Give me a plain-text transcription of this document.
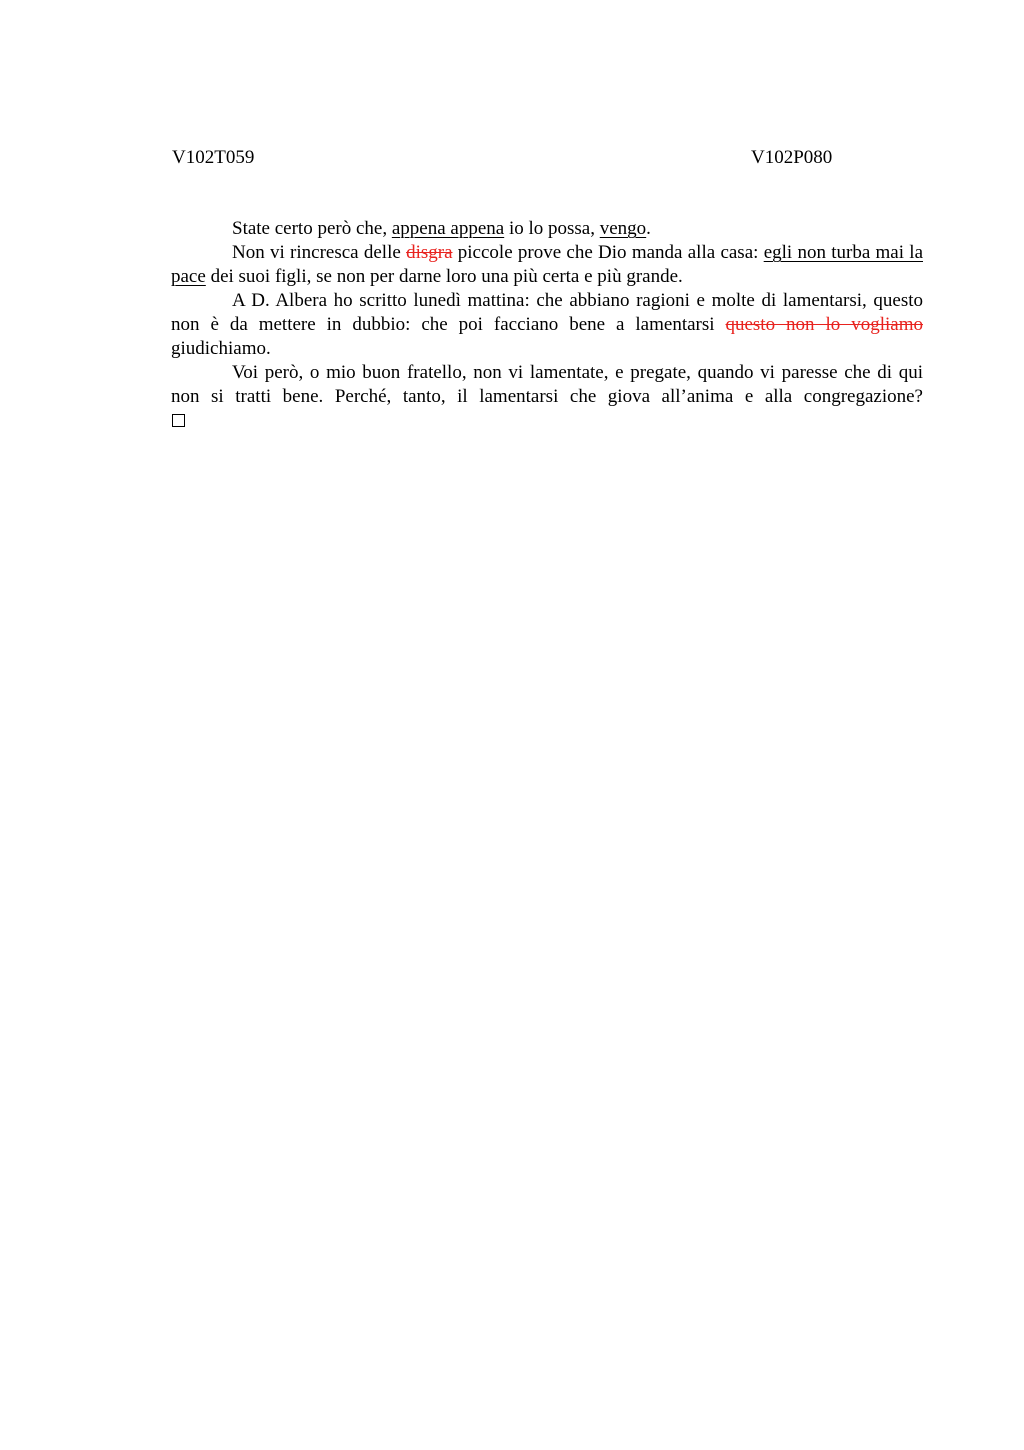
V102T059	V102P080

State certo però che, appena appena io lo possa, vengo.

Non vi rincresca delle disgra piccole prove che Dio manda alla casa: egli non turba mai la pace dei suoi figli, se non per darne loro una più certa e più grande.

A D. Albera ho scritto lunedì mattina: che abbiano ragioni e molte di lamentarsi, questo non è da mettere in dubbio: che poi facciano bene a lamentarsi questo non lo vogliamo giudichiamo.

Voi però, o mio buon fratello, non vi lamentate, e pregate, quando vi paresse che di qui non si tratti bene. Perché, tanto, il lamentarsi che giova all’anima e alla congregazione?
